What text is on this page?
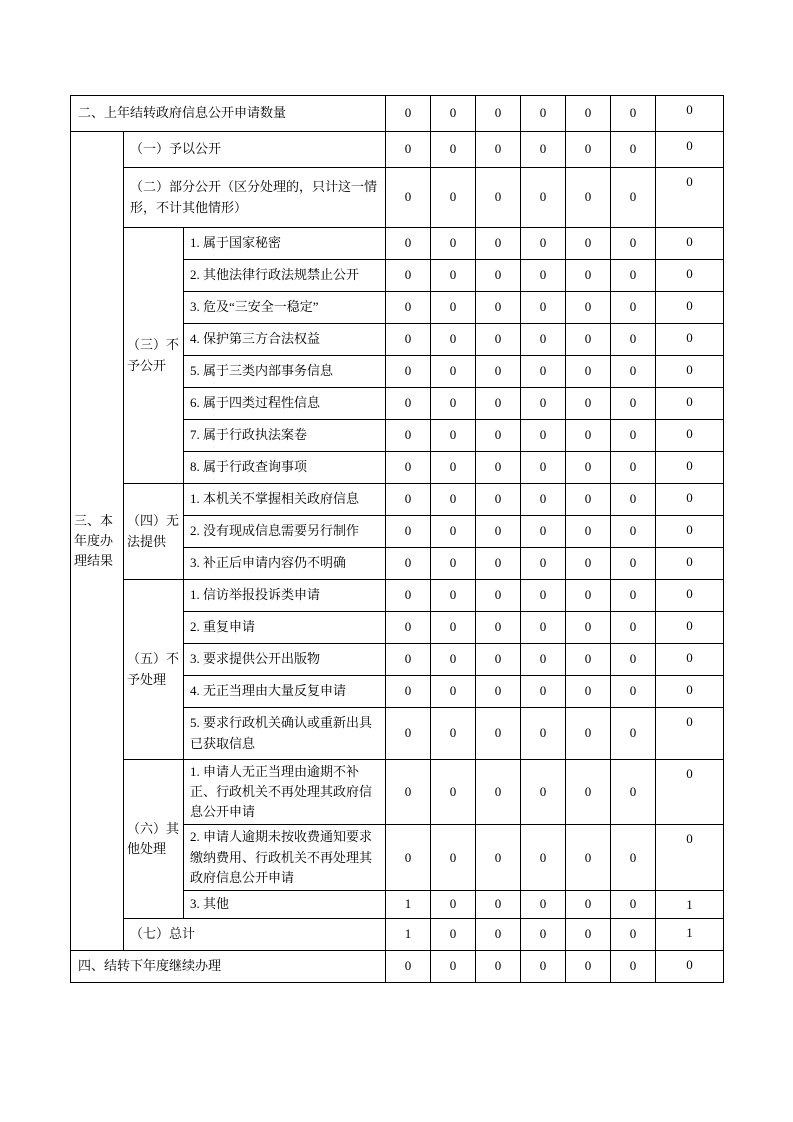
二、上年结转政府信息公开申请数量			0	0	0	0	0	0	0
三、本年度办理结果	（一）予以公开		0	0	0	0	0	0	0
	（二）部分公开（区分处理的，只计这一情形，不计其他情形）		0	0	0	0	0	0	0
	（三）不予公开	1. 属于国家秘密	0	0	0	0	0	0	0
		2. 其他法律行政法规禁止公开	0	0	0	0	0	0	0
		3. 危及“三安全一稳定”	0	0	0	0	0	0	0
		4. 保护第三方合法权益	0	0	0	0	0	0	0
		5. 属于三类内部事务信息	0	0	0	0	0	0	0
		6. 属于四类过程性信息	0	0	0	0	0	0	0
		7. 属于行政执法案卷	0	0	0	0	0	0	0
		8. 属于行政查询事项	0	0	0	0	0	0	0
	（四）无法提供	1. 本机关不掌握相关政府信息	0	0	0	0	0	0	0
		2. 没有现成信息需要另行制作	0	0	0	0	0	0	0
		3. 补正后申请内容仍不明确	0	0	0	0	0	0	0
	（五）不予处理	1. 信访举报投诉类申请	0	0	0	0	0	0	0
		2. 重复申请	0	0	0	0	0	0	0
		3. 要求提供公开出版物	0	0	0	0	0	0	0
		4. 无正当理由大量反复申请	0	0	0	0	0	0	0
		5. 要求行政机关确认或重新出具已获取信息	0	0	0	0	0	0	0
	（六）其他处理	1. 申请人无正当理由逾期不补正、行政机关不再处理其政府信息公开申请	0	0	0	0	0	0	0
		2. 申请人逾期未按收费通知要求缴纳费用、行政机关不再处理其政府信息公开申请	0	0	0	0	0	0	0
		3. 其他	1	0	0	0	0	0	1
	（七）总计		1	0	0	0	0	0	1
四、结转下年度继续办理			0	0	0	0	0	0	0
